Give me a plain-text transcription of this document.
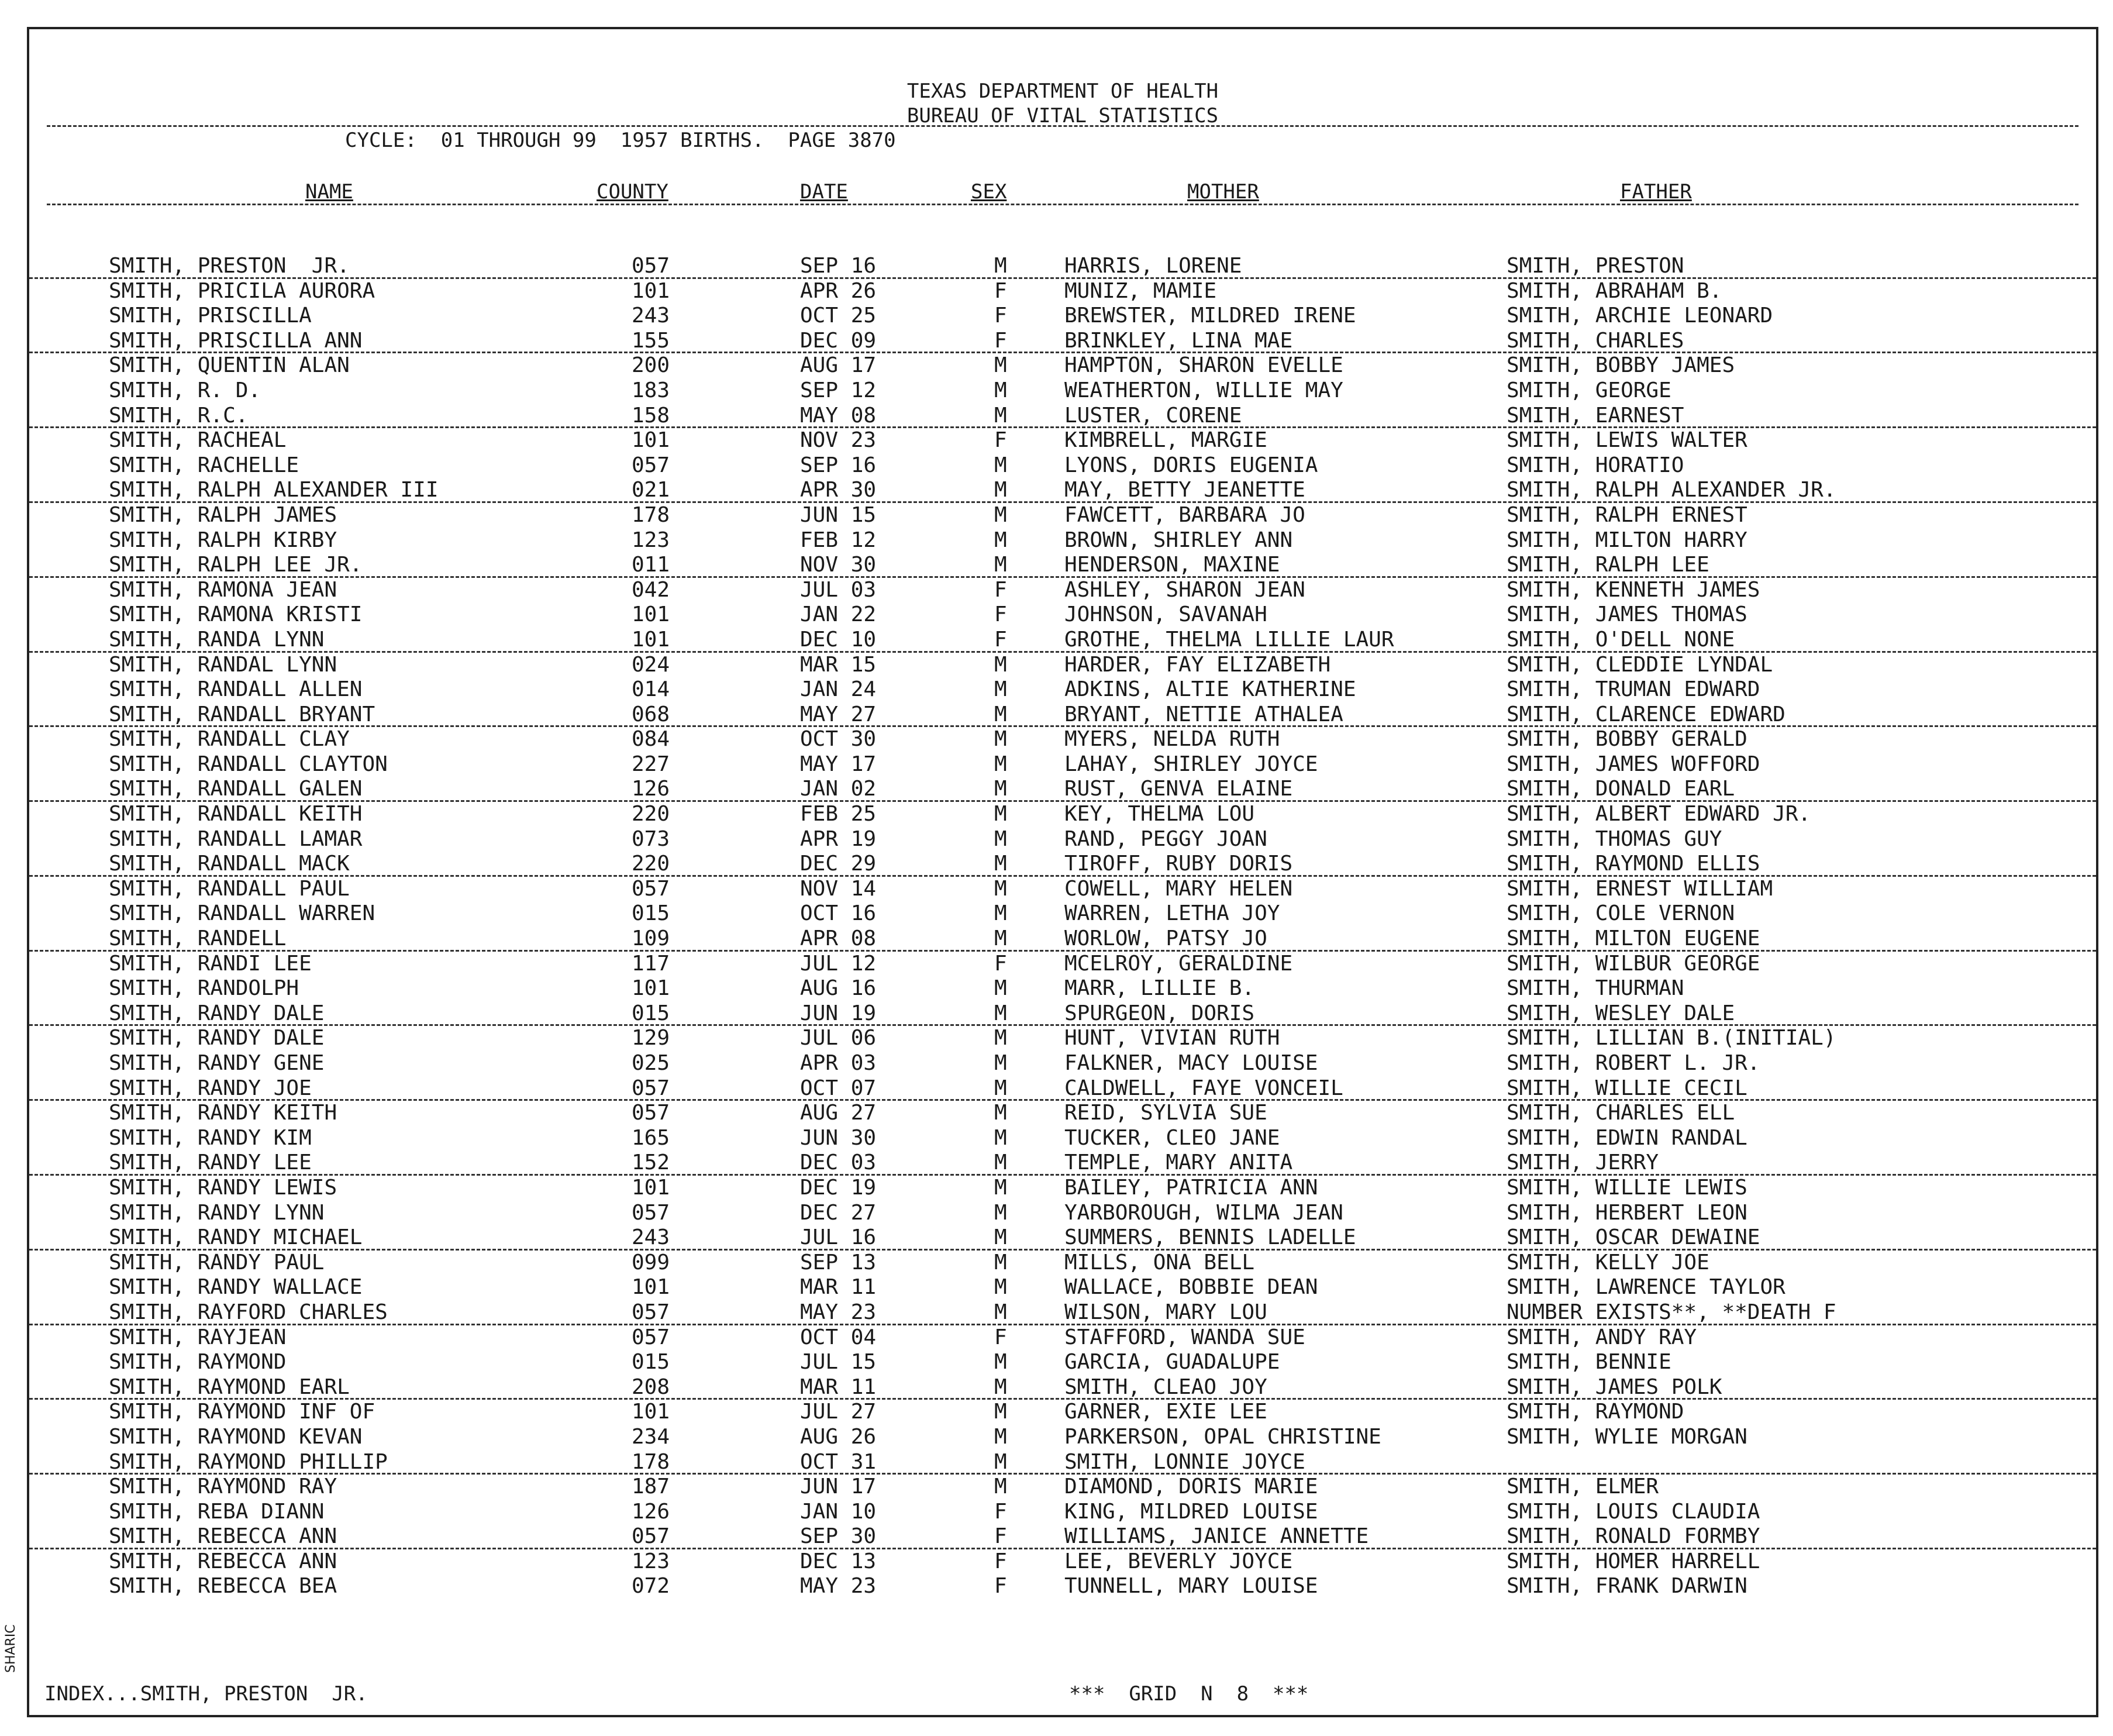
TEXAS DEPARTMENT OF HEALTH
BUREAU OF VITAL STATISTICS
CYCLE:  01 THROUGH 99  1957 BIRTHS.  PAGE 3870
NAME	COUNTY	DATE	SEX	MOTHER	FATHER
SMITH, PRESTON  JR.	057	SEP 16	M	HARRIS, LORENE	SMITH, PRESTON
SMITH, PRICILA AURORA	101	APR 26	F	MUNIZ, MAMIE	SMITH, ABRAHAM B.
SMITH, PRISCILLA	243	OCT 25	F	BREWSTER, MILDRED IRENE	SMITH, ARCHIE LEONARD
SMITH, PRISCILLA ANN	155	DEC 09	F	BRINKLEY, LINA MAE	SMITH, CHARLES
SMITH, QUENTIN ALAN	200	AUG 17	M	HAMPTON, SHARON EVELLE	SMITH, BOBBY JAMES
SMITH, R. D.	183	SEP 12	M	WEATHERTON, WILLIE MAY	SMITH, GEORGE
SMITH, R.C.	158	MAY 08	M	LUSTER, CORENE	SMITH, EARNEST
SMITH, RACHEAL	101	NOV 23	F	KIMBRELL, MARGIE	SMITH, LEWIS WALTER
SMITH, RACHELLE	057	SEP 16	M	LYONS, DORIS EUGENIA	SMITH, HORATIO
SMITH, RALPH ALEXANDER III	021	APR 30	M	MAY, BETTY JEANETTE	SMITH, RALPH ALEXANDER JR.
SMITH, RALPH JAMES	178	JUN 15	M	FAWCETT, BARBARA JO	SMITH, RALPH ERNEST
SMITH, RALPH KIRBY	123	FEB 12	M	BROWN, SHIRLEY ANN	SMITH, MILTON HARRY
SMITH, RALPH LEE JR.	011	NOV 30	M	HENDERSON, MAXINE	SMITH, RALPH LEE
SMITH, RAMONA JEAN	042	JUL 03	F	ASHLEY, SHARON JEAN	SMITH, KENNETH JAMES
SMITH, RAMONA KRISTI	101	JAN 22	F	JOHNSON, SAVANAH	SMITH, JAMES THOMAS
SMITH, RANDA LYNN	101	DEC 10	F	GROTHE, THELMA LILLIE LAUR	SMITH, O'DELL NONE
SMITH, RANDAL LYNN	024	MAR 15	M	HARDER, FAY ELIZABETH	SMITH, CLEDDIE LYNDAL
SMITH, RANDALL ALLEN	014	JAN 24	M	ADKINS, ALTIE KATHERINE	SMITH, TRUMAN EDWARD
SMITH, RANDALL BRYANT	068	MAY 27	M	BRYANT, NETTIE ATHALEA	SMITH, CLARENCE EDWARD
SMITH, RANDALL CLAY	084	OCT 30	M	MYERS, NELDA RUTH	SMITH, BOBBY GERALD
SMITH, RANDALL CLAYTON	227	MAY 17	M	LAHAY, SHIRLEY JOYCE	SMITH, JAMES WOFFORD
SMITH, RANDALL GALEN	126	JAN 02	M	RUST, GENVA ELAINE	SMITH, DONALD EARL
SMITH, RANDALL KEITH	220	FEB 25	M	KEY, THELMA LOU	SMITH, ALBERT EDWARD JR.
SMITH, RANDALL LAMAR	073	APR 19	M	RAND, PEGGY JOAN	SMITH, THOMAS GUY
SMITH, RANDALL MACK	220	DEC 29	M	TIROFF, RUBY DORIS	SMITH, RAYMOND ELLIS
SMITH, RANDALL PAUL	057	NOV 14	M	COWELL, MARY HELEN	SMITH, ERNEST WILLIAM
SMITH, RANDALL WARREN	015	OCT 16	M	WARREN, LETHA JOY	SMITH, COLE VERNON
SMITH, RANDELL	109	APR 08	M	WORLOW, PATSY JO	SMITH, MILTON EUGENE
SMITH, RANDI LEE	117	JUL 12	F	MCELROY, GERALDINE	SMITH, WILBUR GEORGE
SMITH, RANDOLPH	101	AUG 16	M	MARR, LILLIE B.	SMITH, THURMAN
SMITH, RANDY DALE	015	JUN 19	M	SPURGEON, DORIS	SMITH, WESLEY DALE
SMITH, RANDY DALE	129	JUL 06	M	HUNT, VIVIAN RUTH	SMITH, LILLIAN B.(INITIAL)
SMITH, RANDY GENE	025	APR 03	M	FALKNER, MACY LOUISE	SMITH, ROBERT L. JR.
SMITH, RANDY JOE	057	OCT 07	M	CALDWELL, FAYE VONCEIL	SMITH, WILLIE CECIL
SMITH, RANDY KEITH	057	AUG 27	M	REID, SYLVIA SUE	SMITH, CHARLES ELL
SMITH, RANDY KIM	165	JUN 30	M	TUCKER, CLEO JANE	SMITH, EDWIN RANDAL
SMITH, RANDY LEE	152	DEC 03	M	TEMPLE, MARY ANITA	SMITH, JERRY
SMITH, RANDY LEWIS	101	DEC 19	M	BAILEY, PATRICIA ANN	SMITH, WILLIE LEWIS
SMITH, RANDY LYNN	057	DEC 27	M	YARBOROUGH, WILMA JEAN	SMITH, HERBERT LEON
SMITH, RANDY MICHAEL	243	JUL 16	M	SUMMERS, BENNIS LADELLE	SMITH, OSCAR DEWAINE
SMITH, RANDY PAUL	099	SEP 13	M	MILLS, ONA BELL	SMITH, KELLY JOE
SMITH, RANDY WALLACE	101	MAR 11	M	WALLACE, BOBBIE DEAN	SMITH, LAWRENCE TAYLOR
SMITH, RAYFORD CHARLES	057	MAY 23	M	WILSON, MARY LOU	NUMBER EXISTS**, **DEATH F
SMITH, RAYJEAN	057	OCT 04	F	STAFFORD, WANDA SUE	SMITH, ANDY RAY
SMITH, RAYMOND	015	JUL 15	M	GARCIA, GUADALUPE	SMITH, BENNIE
SMITH, RAYMOND EARL	208	MAR 11	M	SMITH, CLEAO JOY	SMITH, JAMES POLK
SMITH, RAYMOND INF OF	101	JUL 27	M	GARNER, EXIE LEE	SMITH, RAYMOND
SMITH, RAYMOND KEVAN	234	AUG 26	M	PARKERSON, OPAL CHRISTINE	SMITH, WYLIE MORGAN
SMITH, RAYMOND PHILLIP	178	OCT 31	M	SMITH, LONNIE JOYCE
SMITH, RAYMOND RAY	187	JUN 17	M	DIAMOND, DORIS MARIE	SMITH, ELMER
SMITH, REBA DIANN	126	JAN 10	F	KING, MILDRED LOUISE	SMITH, LOUIS CLAUDIA
SMITH, REBECCA ANN	057	SEP 30	F	WILLIAMS, JANICE ANNETTE	SMITH, RONALD FORMBY
SMITH, REBECCA ANN	123	DEC 13	F	LEE, BEVERLY JOYCE	SMITH, HOMER HARRELL
SMITH, REBECCA BEA	072	MAY 23	F	TUNNELL, MARY LOUISE	SMITH, FRANK DARWIN
INDEX...SMITH, PRESTON  JR.	***  GRID  N  8  ***
SHARIC
